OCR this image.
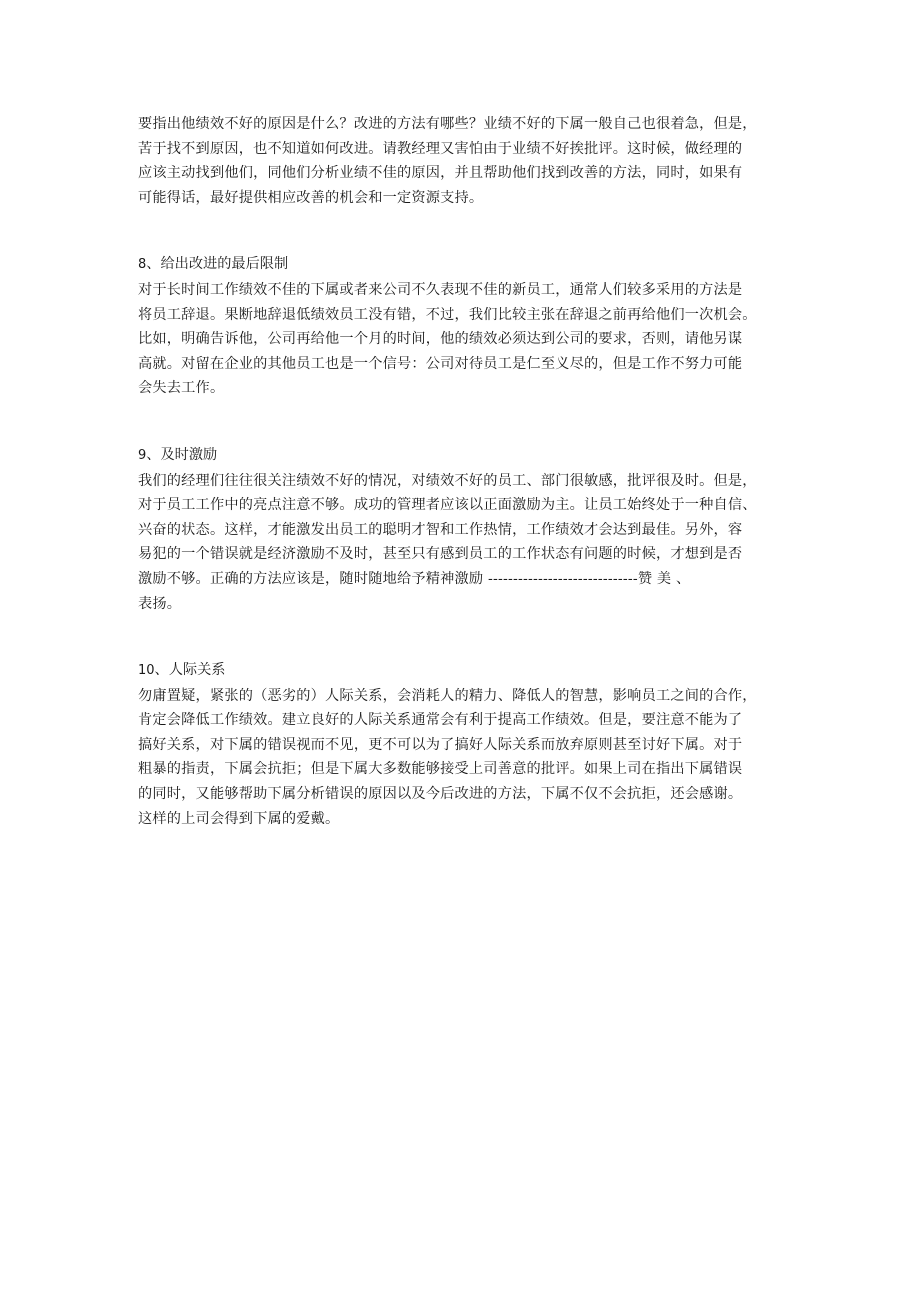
要指出他绩效不好的原因是什么？改进的方法有哪些？业绩不好的下属一般自己也很着急，但是，
苦于找不到原因，也不知道如何改进。请教经理又害怕由于业绩不好挨批评。这时候，做经理的
应该主动找到他们，同他们分析业绩不佳的原因，并且帮助他们找到改善的方法，同时，如果有
可能得话，最好提供相应改善的机会和一定资源支持。

8、给出改进的最后限制

对于长时间工作绩效不佳的下属或者来公司不久表现不佳的新员工，通常人们较多采用的方法是
将员工辞退。果断地辞退低绩效员工没有错，不过，我们比较主张在辞退之前再给他们一次机会。
比如，明确告诉他，公司再给他一个月的时间，他的绩效必须达到公司的要求，否则，请他另谋
高就。对留在企业的其他员工也是一个信号：公司对待员工是仁至义尽的，但是工作不努力可能
会失去工作。

9、及时激励

我们的经理们往往很关注绩效不好的情况，对绩效不好的员工、部门很敏感，批评很及时。但是，
对于员工工作中的亮点注意不够。成功的管理者应该以正面激励为主。让员工始终处于一种自信、
兴奋的状态。这样，才能激发出员工的聪明才智和工作热情，工作绩效才会达到最佳。另外，容
易犯的一个错误就是经济激励不及时，甚至只有感到员工的工作状态有问题的时候，才想到是否
激励不够。正确的方法应该是，随时随地给予精神激励 ------------------------------赞 美 、
表扬。

10、人际关系

勿庸置疑，紧张的（恶劣的）人际关系，会消耗人的精力、降低人的智慧，影响员工之间的合作，
肯定会降低工作绩效。建立良好的人际关系通常会有利于提高工作绩效。但是，要注意不能为了
搞好关系，对下属的错误视而不见，更不可以为了搞好人际关系而放弃原则甚至讨好下属。对于
粗暴的指责，下属会抗拒；但是下属大多数能够接受上司善意的批评。如果上司在指出下属错误
的同时，又能够帮助下属分析错误的原因以及今后改进的方法，下属不仅不会抗拒，还会感谢。
这样的上司会得到下属的爱戴。
